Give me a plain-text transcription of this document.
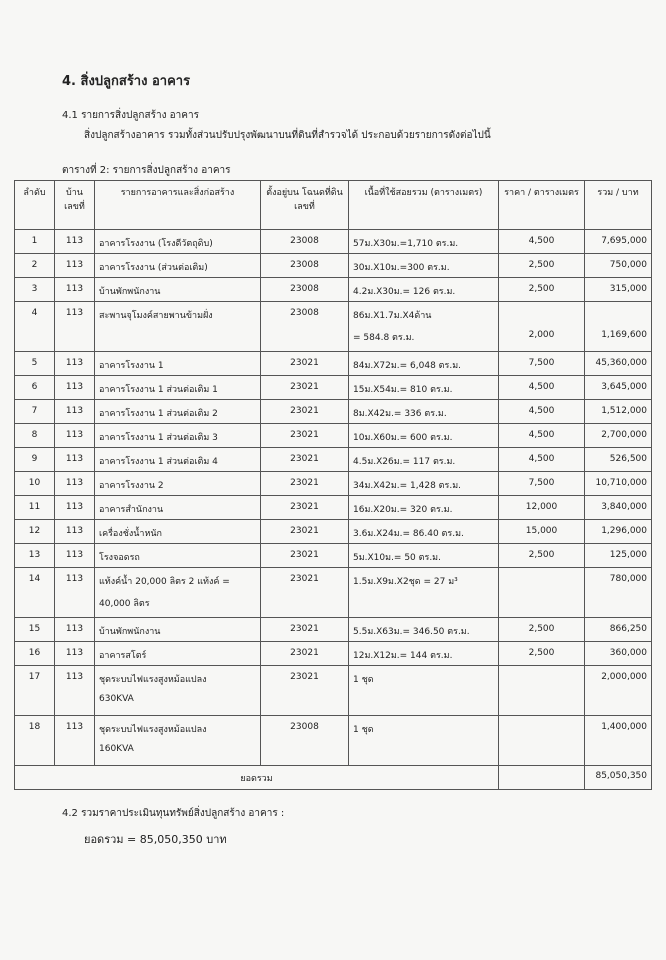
4. สิ่งปลูกสร้าง อาคาร
4.1 รายการสิ่งปลูกสร้าง อาคาร
สิ่งปลูกสร้างอาคาร รวมทั้งส่วนปรับปรุงพัฒนาบนที่ดินที่สำรวจได้ ประกอบด้วยรายการดังต่อไปนี้
ตารางที่ 2: รายการสิ่งปลูกสร้าง อาคาร
ลำดับ	บ้าน เลขที่	รายการอาคารและสิ่งก่อสร้าง	ตั้งอยู่บน โฉนดที่ดินเลขที่	เนื้อที่ใช้สอยรวม (ตารางเมตร)	ราคา / ตารางเมตร	รวม / บาท
1	113	อาคารโรงงาน (โรงดีวัตถุดิบ)	23008	57ม.X30ม.=1,710 ตร.ม.	4,500	7,695,000
2	113	อาคารโรงงาน (ส่วนต่อเติม)	23008	30ม.X10ม.=300 ตร.ม.	2,500	750,000
3	113	บ้านพักพนักงาน	23008	4.2ม.X30ม.= 126 ตร.ม.	2,500	315,000
4	113	สะพานจุโมงค์สายพานข้ามฝั่ง	23008	86ม.X1.7ม.X4ด้าน
= 584.8 ตร.ม.	2,000	1,169,600
5	113	อาคารโรงงาน 1	23021	84ม.X72ม.= 6,048 ตร.ม.	7,500	45,360,000
6	113	อาคารโรงงาน 1 ส่วนต่อเติม 1	23021	15ม.X54ม.= 810 ตร.ม.	4,500	3,645,000
7	113	อาคารโรงงาน 1 ส่วนต่อเติม 2	23021	8ม.X42ม.= 336 ตร.ม.	4,500	1,512,000
8	113	อาคารโรงงาน 1 ส่วนต่อเติม 3	23021	10ม.X60ม.= 600 ตร.ม.	4,500	2,700,000
9	113	อาคารโรงงาน 1 ส่วนต่อเติม 4	23021	4.5ม.X26ม.= 117 ตร.ม.	4,500	526,500
10	113	อาคารโรงงาน 2	23021	34ม.X42ม.= 1,428 ตร.ม.	7,500	10,710,000
11	113	อาคารสำนักงาน	23021	16ม.X20ม.= 320 ตร.ม.	12,000	3,840,000
12	113	เครื่องชั่งน้ำหนัก	23021	3.6ม.X24ม.= 86.40 ตร.ม.	15,000	1,296,000
13	113	โรงจอดรถ	23021	5ม.X10ม.= 50 ตร.ม.	2,500	125,000
14	113	แท้งค์น้ำ 20,000 ลิตร 2 แท้งค์ =
40,000 ลิตร	23021	1.5ม.X9ม.X2ชุด = 27 ม³		780,000
15	113	บ้านพักพนักงาน	23021	5.5ม.X63ม.= 346.50 ตร.ม.	2,500	866,250
16	113	อาคารสโตร์	23021	12ม.X12ม.= 144 ตร.ม.	2,500	360,000
17	113	ชุดระบบไฟแรงสูงหม้อแปลง
630KVA	23021	1 ชุด		2,000,000
18	113	ชุดระบบไฟแรงสูงหม้อแปลง
160KVA	23008	1 ชุด		1,400,000
ยอดรวม						85,050,350
4.2 รวมราคาประเมินทุนทรัพย์สิ่งปลูกสร้าง อาคาร :
ยอดรวม = 85,050,350 บาท
